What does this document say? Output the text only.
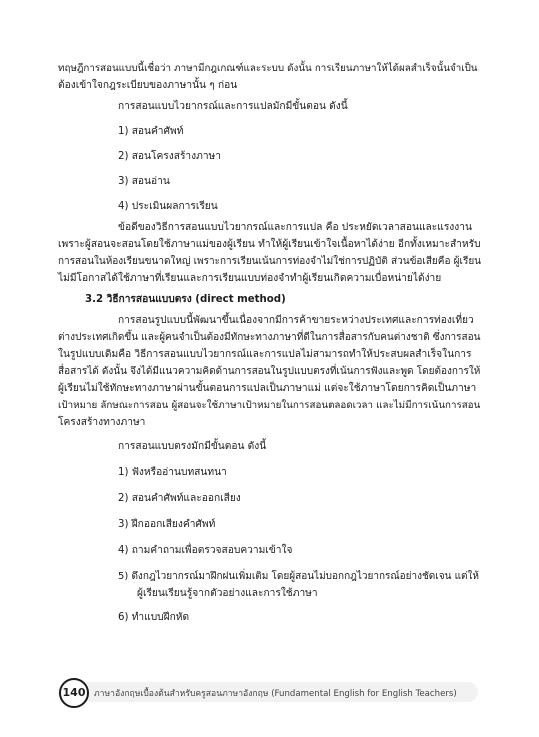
ทฤษฎีการสอนแบบนี้เชื่อว่า ภาษามีกฎเกณฑ์และระบบ ดังนั้น การเรียนภาษาให้ได้ผลสำเร็จนั้นจำเป็น
ต้องเข้าใจกฎระเบียบของภาษานั้น ๆ ก่อน
การสอนแบบไวยากรณ์และการแปลมักมีขั้นตอน ดังนี้
1) สอนคำศัพท์
2) สอนโครงสร้างภาษา
3) สอนอ่าน
4) ประเมินผลการเรียน
ข้อดีของวิธีการสอนแบบไวยากรณ์และการแปล คือ ประหยัดเวลาสอนและแรงงาน
เพราะผู้สอนจะสอนโดยใช้ภาษาแม่ของผู้เรียน ทำให้ผู้เรียนเข้าใจเนื้อหาได้ง่าย อีกทั้งเหมาะสำหรับ
การสอนในห้องเรียนขนาดใหญ่ เพราะการเรียนเน้นการท่องจำไม่ใช่การปฏิบัติ ส่วนข้อเสียคือ ผู้เรียน
ไม่มีโอกาสได้ใช้ภาษาที่เรียนและการเรียนแบบท่องจำทำผู้เรียนเกิดความเบื่อหน่ายได้ง่าย
3.2 วิธีการสอนแบบตรง (direct method)
การสอนรูปแบบนี้พัฒนาขึ้นเนื่องจากมีการค้าขายระหว่างประเทศและการท่องเที่ยว
ต่างประเทศเกิดขึ้น และผู้คนจำเป็นต้องมีทักษะทางภาษาที่ดีในการสื่อสารกับคนต่างชาติ ซึ่งการสอน
ในรูปแบบเดิมคือ วิธีการสอนแบบไวยากรณ์และการแปลไม่สามารถทำให้ประสบผลสำเร็จในการ
สื่อสารได้ ดังนั้น จึงได้มีแนวความคิดด้านการสอนในรูปแบบตรงที่เน้นการฟังและพูด โดยต้องการให้
ผู้เรียนไม่ใช้ทักษะทางภาษาผ่านขั้นตอนการแปลเป็นภาษาแม่ แต่จะใช้ภาษาโดยการคิดเป็นภาษา
เป้าหมาย ลักษณะการสอน ผู้สอนจะใช้ภาษาเป้าหมายในการสอนตลอดเวลา และไม่มีการเน้นการสอน
โครงสร้างทางภาษา
การสอนแบบตรงมักมีขั้นตอน ดังนี้
1) ฟังหรืออ่านบทสนทนา
2) สอนคำศัพท์และออกเสียง
3) ฝึกออกเสียงคำศัพท์
4) ถามคำถามเพื่อตรวจสอบความเข้าใจ
5) ดึงกฎไวยากรณ์มาฝึกฝนเพิ่มเติม โดยผู้สอนไม่บอกกฎไวยากรณ์อย่างชัดเจน แต่ให้
ผู้เรียนเรียนรู้จากตัวอย่างและการใช้ภาษา
6) ทำแบบฝึกหัด
140 ภาษาอังกฤษเบื้องต้นสำหรับครูสอนภาษาอังกฤษ (Fundamental English for English Teachers)
